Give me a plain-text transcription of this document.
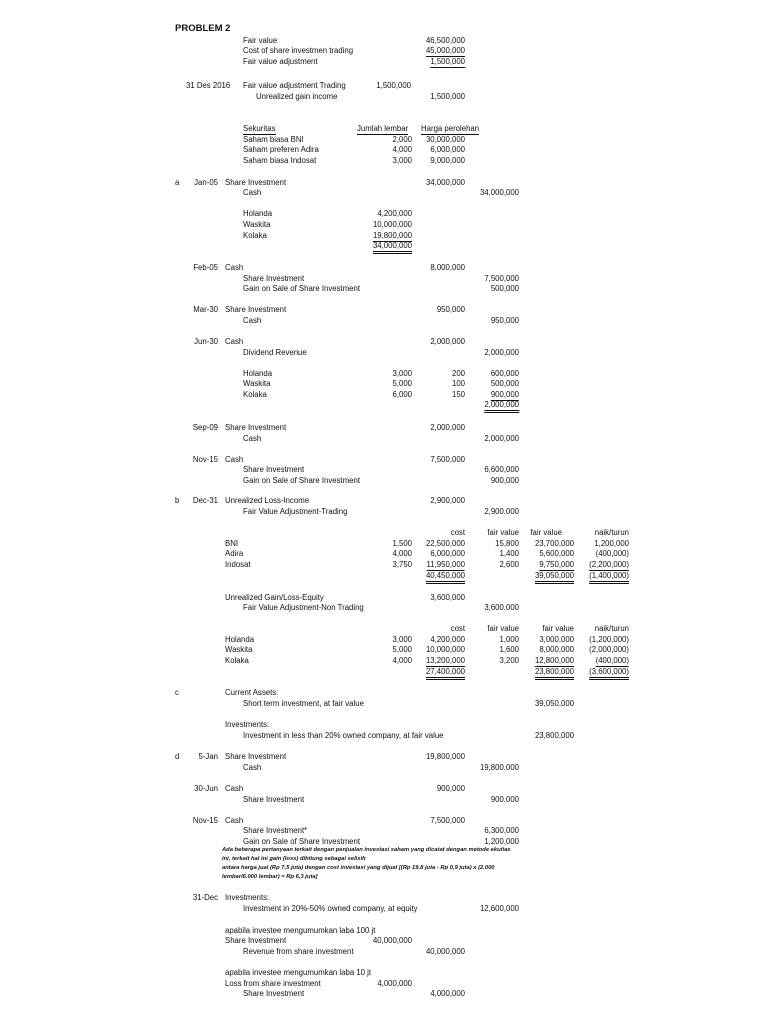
PROBLEM 2
Fair value	46,500,000
Cost of share investmen trading	45,000,000
Fair value adjustment	1,500,000
31 Des 2016 Fair value adjustment Trading	1,500,000
Unrealized gain income	1,500,000
Sekuritas	Jumlah lembar Harga perolehan
Saham biasa BNI	2,000 30,000,000
Saham preferen Adira	4,000 6,000,000
Saham biasa Indosat	3,000 9,000,000
a Jan-05 Share Investment	34,000,000
Cash	34,000,000
Holanda	4,200,000
Waskita	10,000,000
Kolaka	19,800,000
34,000,000
Feb-05 Cash	8,000,000
Share Investment	7,500,000
Gain on Sale of Share Investment	500,000
Mar-30 Share Investment	950,000
Cash	950,000
Jun-30 Cash	2,000,000
Dividend Revenue	2,000,000
Holanda	3,000	200	600,000
Waskita	5,000	100	500,000
Kolaka	6,000	150	900,000
2,000,000
Sep-09 Share Investment	2,000,000
Cash	2,000,000
Nov-15 Cash	7,500,000
Share Investment	6,600,000
Gain on Sale of Share Investment	900,000
b Dec-31 Unrealized Loss-Income	2,900,000
Fair Value Adjustment-Trading	2,900,000
cost	fair value fair value	naik/turun
BNI	1,500 22,500,000	15,800 23,700,000	1,200,000
Adira	4,000 6,000,000	1,400	5,600,000	(400,000)
Indosat	3,750 11,950,000	2,600	9,750,000 (2,200,000)
40,450,000	39,050,000 (1,400,000)
Unrealized Gain/Loss-Equity	3,600,000
Fair Value Adjustment-Non Trading	3,600,000
cost	fair value	fair value	naik/turun
Holanda	3,000 4,200,000	1,000	3,000,000 (1,200,000)
Waskita	5,000 10,000,000	1,600	8,000,000 (2,000,000)
Kolaka	4,000 13,200,000	3,200 12,800,000	(400,000)
27,400,000	23,800,000 (3,600,000)
c	Current Assets:
Short term investment, at fair value	39,050,000
Investments:
Investment in less than 20% owned company, at fair value	23,800,000
d 5-Jan Share Investment	19,800,000
Cash	19,800,000
30-Jun Cash	900,000
Share Investment	900,000
Nov-15 Cash	7,500,000
Share Investment*	6,300,000
Gain on Sale of Share Investment	1,200,000
Ada beberapa pertanyaan terkait dengan penjualan investasi saham yang dicatat dengan metode ekuitas
ini, terkait hal ini gain (loss) dihitung sebagai selisih
antara harga jual (Rp 7,5 juta) dengan cost investasi yang dijual [(Rp 19,8 juta - Rp 0,9 juta) x (2.000
lembar/6.000 lembar) = Rp 6,3 juta]
31-Dec Investments:
Investment in 20%-50% owned company, at equity	12,600,000
apabila investee mengumumkan laba 100 jt
Share Investment	40,000,000
Revenue from share investment	40,000,000
apabila investee mengumumkan laba 10 jt
Loss from share investment	4,000,000
Share Investment	4,000,000
